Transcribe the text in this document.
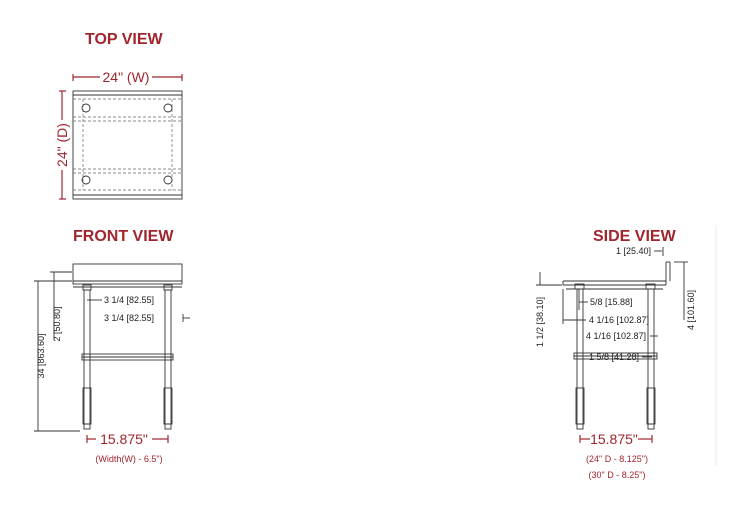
TOP VIEW
24" (W)
24" (D)
FRONT VIEW
34 [863.60]
2 [50.80]
3 1/4 [82.55]
3 1/4 [82.55]
15.875"
(Width(W) - 6.5")
SIDE VIEW
1 [25.40]
4 [101.60]
1 1/2 [38.10]	5/8 [15.88]
4 1/16 [102.87]
4 1/16 [102.87]
1 5/8 [41.28]
15.875"
(24" D - 8.125")
(30" D - 8.25")
